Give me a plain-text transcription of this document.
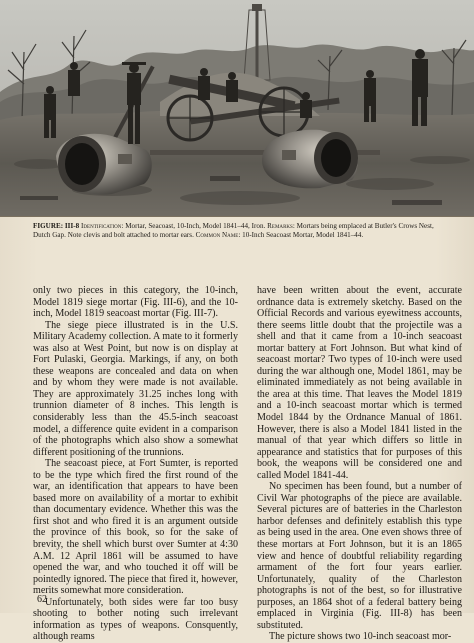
FIGURE: III-8 Identification: Mortar, Seacoast, 10-Inch, Model 1841–44, Iron. Remarks: Mortars being emplaced at Butler's Crows Nest, Dutch Gap. Note clevis and bolt attached to mortar ears. Common Name: 10-Inch Seacoast Mortar, Model 1841–44.

only two pieces in this category, the 10-inch, Model 1819 siege mortar (Fig. III-6), and the 10-inch, Model 1819 seacoast mortar (Fig. III-7).

The siege piece illustrated is in the U.S. Military Academy collection. A mate to it formerly was also at West Point, but now is on display at Fort Pulaski, Georgia. Markings, if any, on both these weapons are concealed and data on when and by whom they were made is not available. They are approximately 31.25 inches long with trunnion diameter of 8 inches. This length is considerably less than the 45.5-inch seacoast model, a difference quite evident in a comparison of the photographs which also show a somewhat different positioning of the trunnions.

The seacoast piece, at Fort Sumter, is reported to be the type which fired the first round of the war, an identification that appears to have been based more on availability of a mortar to exhibit than documentary evidence. Whether this was the first shot and who fired it is an argument outside the province of this book, so for the sake of brevity, the shell which burst over Sumter at 4:30 A.M. 12 April 1861 will be assumed to have opened the war, and who touched it off will be pointedly ignored. The piece that fired it, however, merits somewhat more consideration.

Unfortunately, both sides were far too busy shooting to bother noting such irrelevant information as types of weapons. Consquently, although reams

have been written about the event, accurate ordnance data is extremely sketchy. Based on the Official Records and various eyewitness accounts, there seems little doubt that the projectile was a shell and that it came from a 10-inch seacoast mortar battery at Fort Johnson. But what kind of seacoast mortar? Two types of 10-inch were used during the war although one, Model 1861, may be eliminated immediately as not being available in the area at this time. That leaves the Model 1819 and a 10-inch seacoast mortar which is termed Model 1844 by the Ordnance Manual of 1861. However, there is also a Model 1841 listed in the manual of that year which differs so little in appearance and statistics that for purposes of this book, the weapons will be considered one and called Model 1841-44.

No specimen has been found, but a number of Civil War photographs of the piece are available. Several pictures are of batteries in the Charleston harbor defenses and definitely establish this type as being used in the area. One even shows three of these mortars at Fort Johnson, but it is an 1865 view and hence of doubtful reliability regarding armament of the fort four years earlier. Unfortunately, quality of the Charleston photographs is not of the best, so for illustrative purposes, an 1864 shot of a federal battery being emplaced in Virginia (Fig. III-8) has been substituted.

The picture shows two 10-inch seacoast mor-

62
